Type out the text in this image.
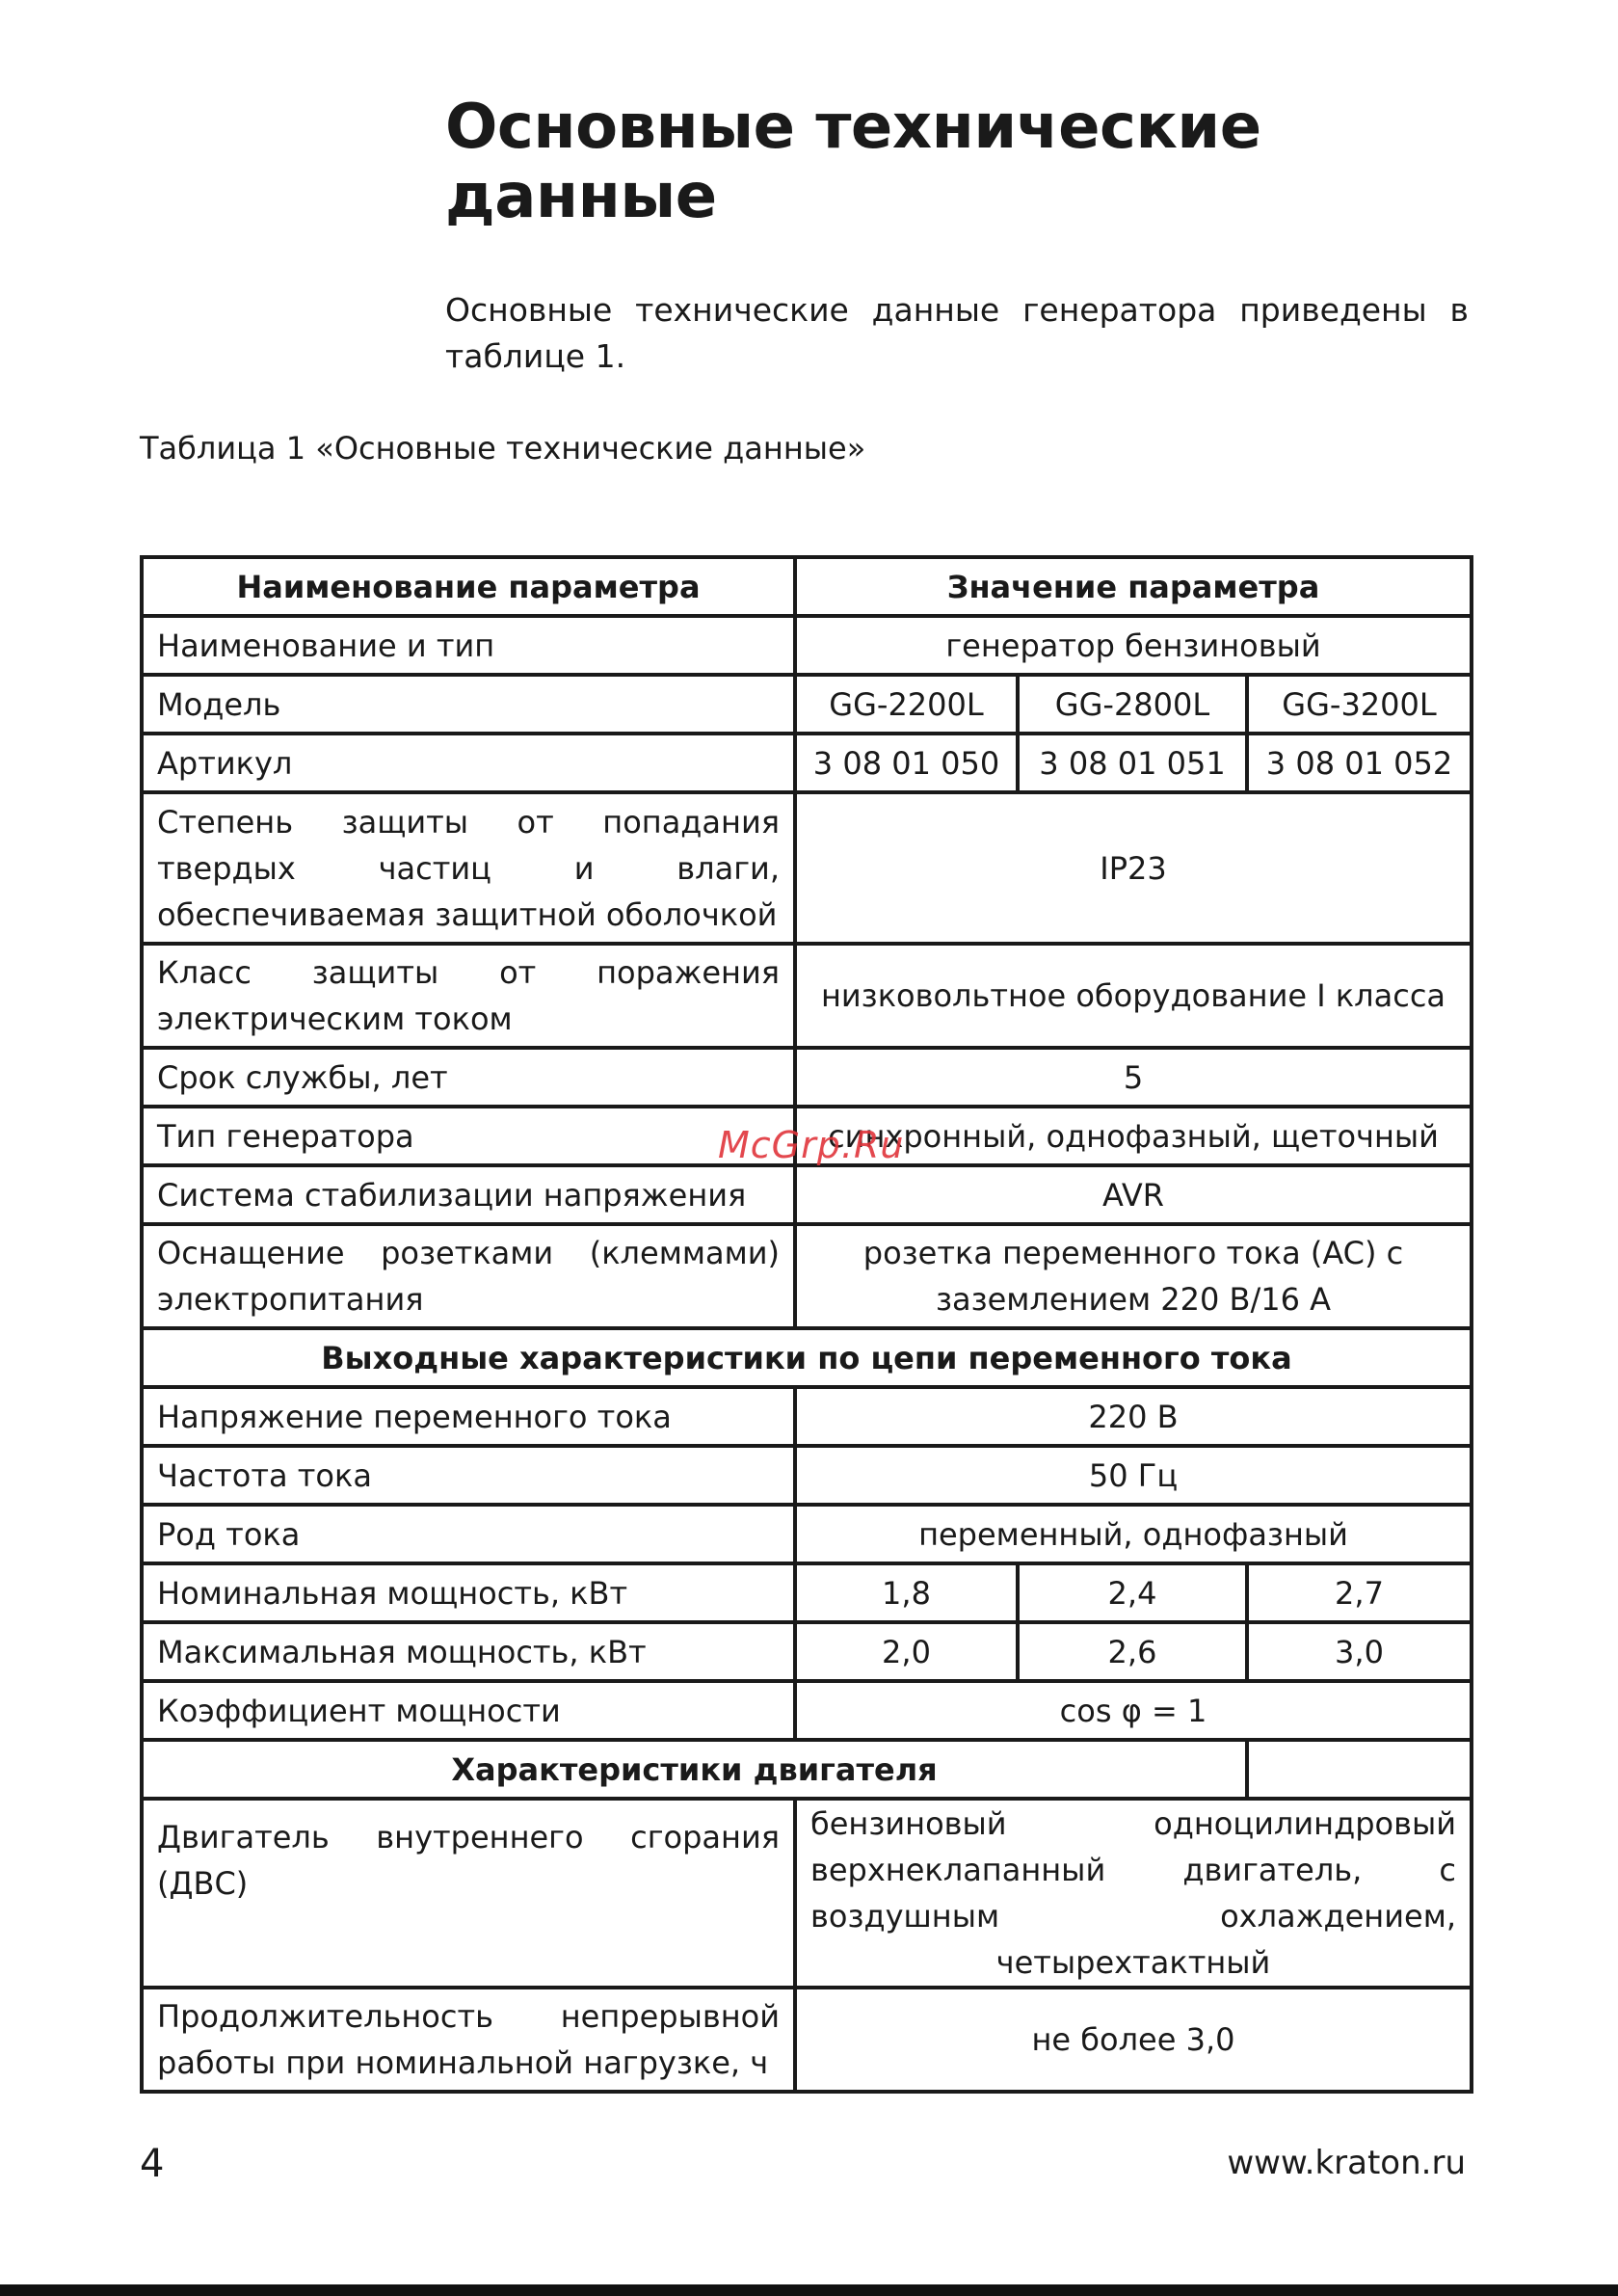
Основные технические
данные

Основные технические данные генератора приведены в таблице 1.

Таблица 1 «Основные технические данные»

Наименование параметра	Значение параметра		
Наименование и тип	генератор бензиновый		
Модель	GG-2200L	GG-2800L	GG-3200L
Артикул	3 08 01 050	3 08 01 051	3 08 01 052
Степень защиты от попадания твердых частиц и влаги, обеспечиваемая защитной оболочкой	IP23		
Класс защиты от поражения электрическим током	низковольтное оборудование I класса		
Срок службы, лет	5		
Тип генератора	синхронный, однофазный, щеточный		
Система стабилизации напряжения	AVR		
Оснащение розетками (клеммами) электропитания	розетка переменного тока (AC) с заземлением 220 В/16 А		
Выходные характеристики по цепи переменного тока			
Напряжение переменного тока	220 В		
Частота тока	50 Гц		
Род тока	переменный, однофазный		
Номинальная мощность, кВт	1,8	2,4	2,7
Максимальная мощность, кВт	2,0	2,6	3,0
Коэффициент мощности	cos φ = 1		
Характеристики двигателя			
Двигатель внутреннего сгорания (ДВС)	бензиновый одноцилиндровый верхнеклапанный двигатель, с воздушным охлаждением, четырехтактный		
Продолжительность непрерывной работы при номинальной нагрузке, ч	не более 3,0		
McGrp.Ru

4	www.kraton.ru
